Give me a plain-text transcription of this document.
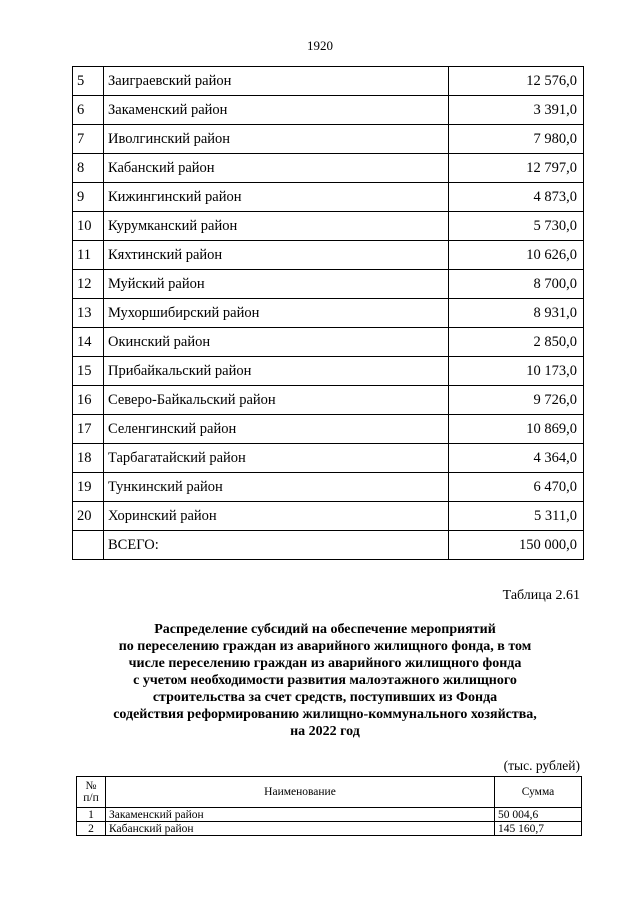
1920
5	Заиграевский район	12 576,0
6	Закаменский район	3 391,0
7	Иволгинский район	7 980,0
8	Кабанский район	12 797,0
9	Кижингинский район	4 873,0
10	Курумканский район	5 730,0
11	Кяхтинский район	10 626,0
12	Муйский район	8 700,0
13	Мухоршибирский район	8 931,0
14	Окинский район	2 850,0
15	Прибайкальский район	10 173,0
16	Северо-Байкальский район	9 726,0
17	Селенгинский район	10 869,0
18	Тарбагатайский район	4 364,0
19	Тункинский район	6 470,0
20	Хоринский район	5 311,0
	ВСЕГО:	150 000,0
Таблица 2.61
Распределение субсидий на обеспечение мероприятий
по переселению граждан из аварийного жилищного фонда, в том
числе переселению граждан из аварийного жилищного фонда
с учетом необходимости развития малоэтажного жилищного
строительства за счет средств, поступивших из Фонда
содействия реформированию жилищно-коммунального хозяйства,
на 2022 год
(тыс. рублей)
№
п/п	Наименование	Сумма
1	Закаменский район	50 004,6
2	Кабанский район	145 160,7
